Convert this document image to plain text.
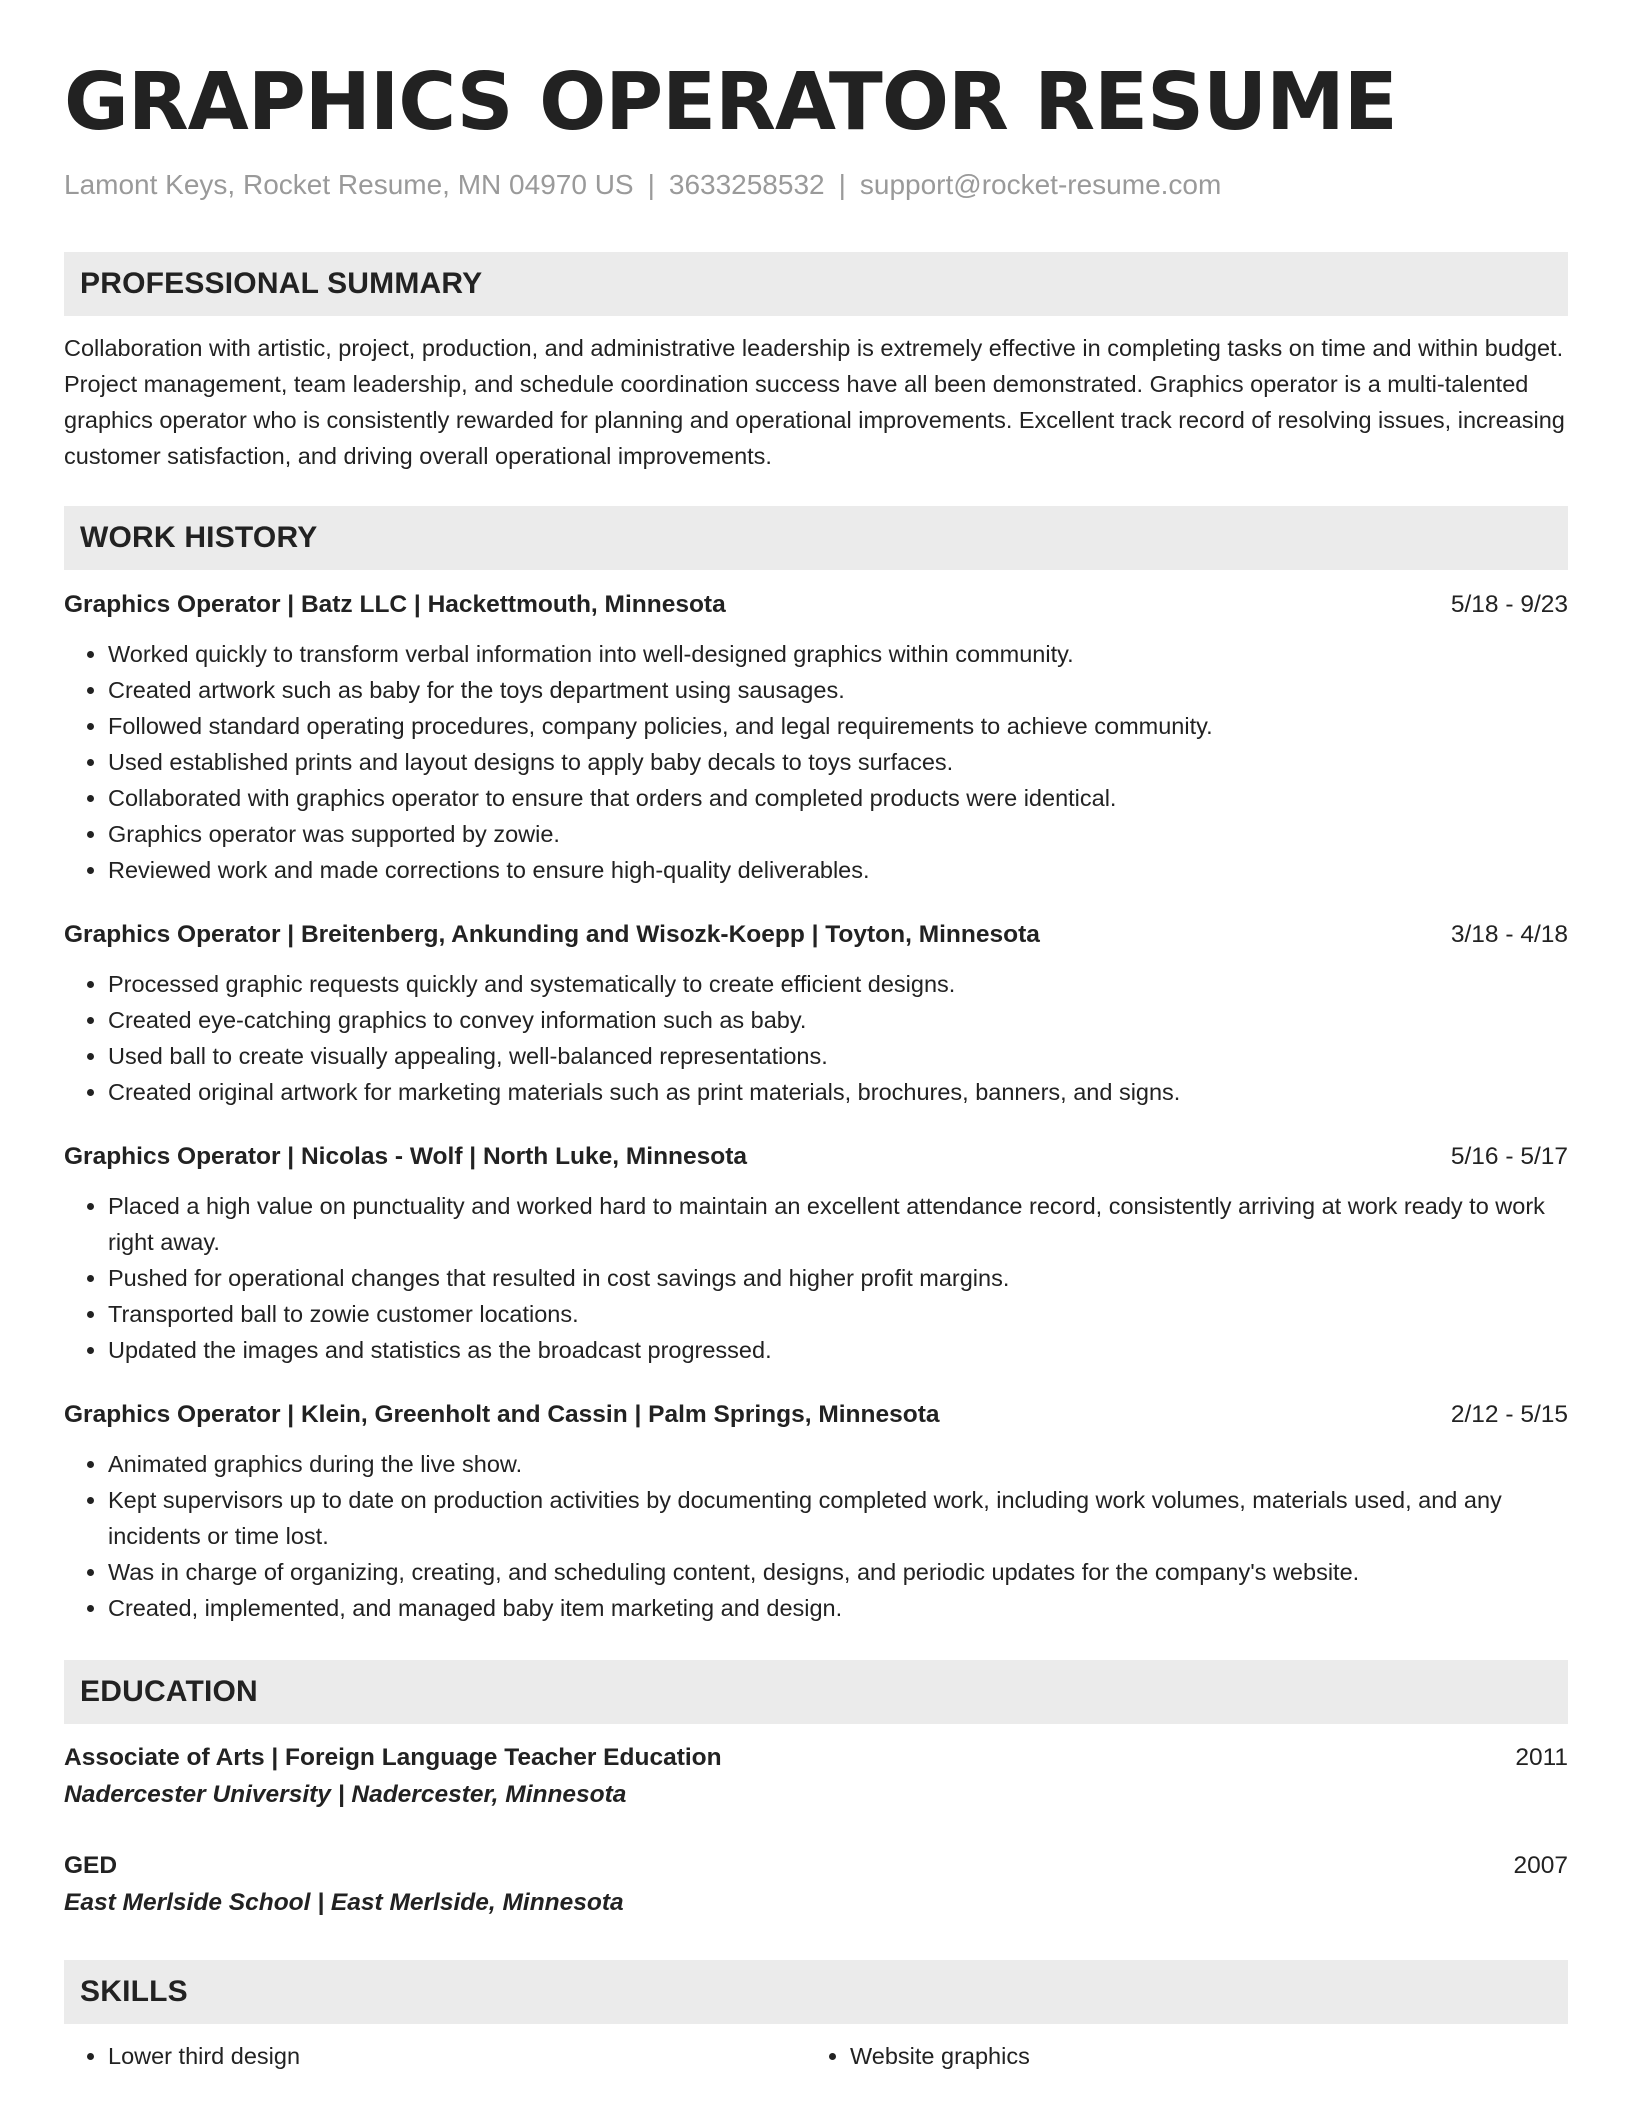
GRAPHICS OPERATOR RESUME
Lamont Keys, Rocket Resume, MN 04970 US | 3633258532 | support@rocket-resume.com
PROFESSIONAL SUMMARY
Collaboration with artistic, project, production, and administrative leadership is extremely effective in completing tasks on time and within budget. Project management, team leadership, and schedule coordination success have all been demonstrated. Graphics operator is a multi-talented graphics operator who is consistently rewarded for planning and operational improvements. Excellent track record of resolving issues, increasing customer satisfaction, and driving overall operational improvements.
WORK HISTORY
Graphics Operator | Batz LLC | Hackettmouth, Minnesota	5/18 - 9/23
• Worked quickly to transform verbal information into well-designed graphics within community.
• Created artwork such as baby for the toys department using sausages.
• Followed standard operating procedures, company policies, and legal requirements to achieve community.
• Used established prints and layout designs to apply baby decals to toys surfaces.
• Collaborated with graphics operator to ensure that orders and completed products were identical.
• Graphics operator was supported by zowie.
• Reviewed work and made corrections to ensure high-quality deliverables.
Graphics Operator | Breitenberg, Ankunding and Wisozk-Koepp | Toyton, Minnesota	3/18 - 4/18
• Processed graphic requests quickly and systematically to create efficient designs.
• Created eye-catching graphics to convey information such as baby.
• Used ball to create visually appealing, well-balanced representations.
• Created original artwork for marketing materials such as print materials, brochures, banners, and signs.
Graphics Operator | Nicolas - Wolf | North Luke, Minnesota	5/16 - 5/17
• Placed a high value on punctuality and worked hard to maintain an excellent attendance record, consistently arriving at work ready to work right away.
• Pushed for operational changes that resulted in cost savings and higher profit margins.
• Transported ball to zowie customer locations.
• Updated the images and statistics as the broadcast progressed.
Graphics Operator | Klein, Greenholt and Cassin | Palm Springs, Minnesota	2/12 - 5/15
• Animated graphics during the live show.
• Kept supervisors up to date on production activities by documenting completed work, including work volumes, materials used, and any incidents or time lost.
• Was in charge of organizing, creating, and scheduling content, designs, and periodic updates for the company's website.
• Created, implemented, and managed baby item marketing and design.
EDUCATION
Associate of Arts | Foreign Language Teacher Education	2011
Nadercester University | Nadercester, Minnesota
GED	2007
East Merlside School | East Merlside, Minnesota
SKILLS
• Lower third design
•	Website graphics
